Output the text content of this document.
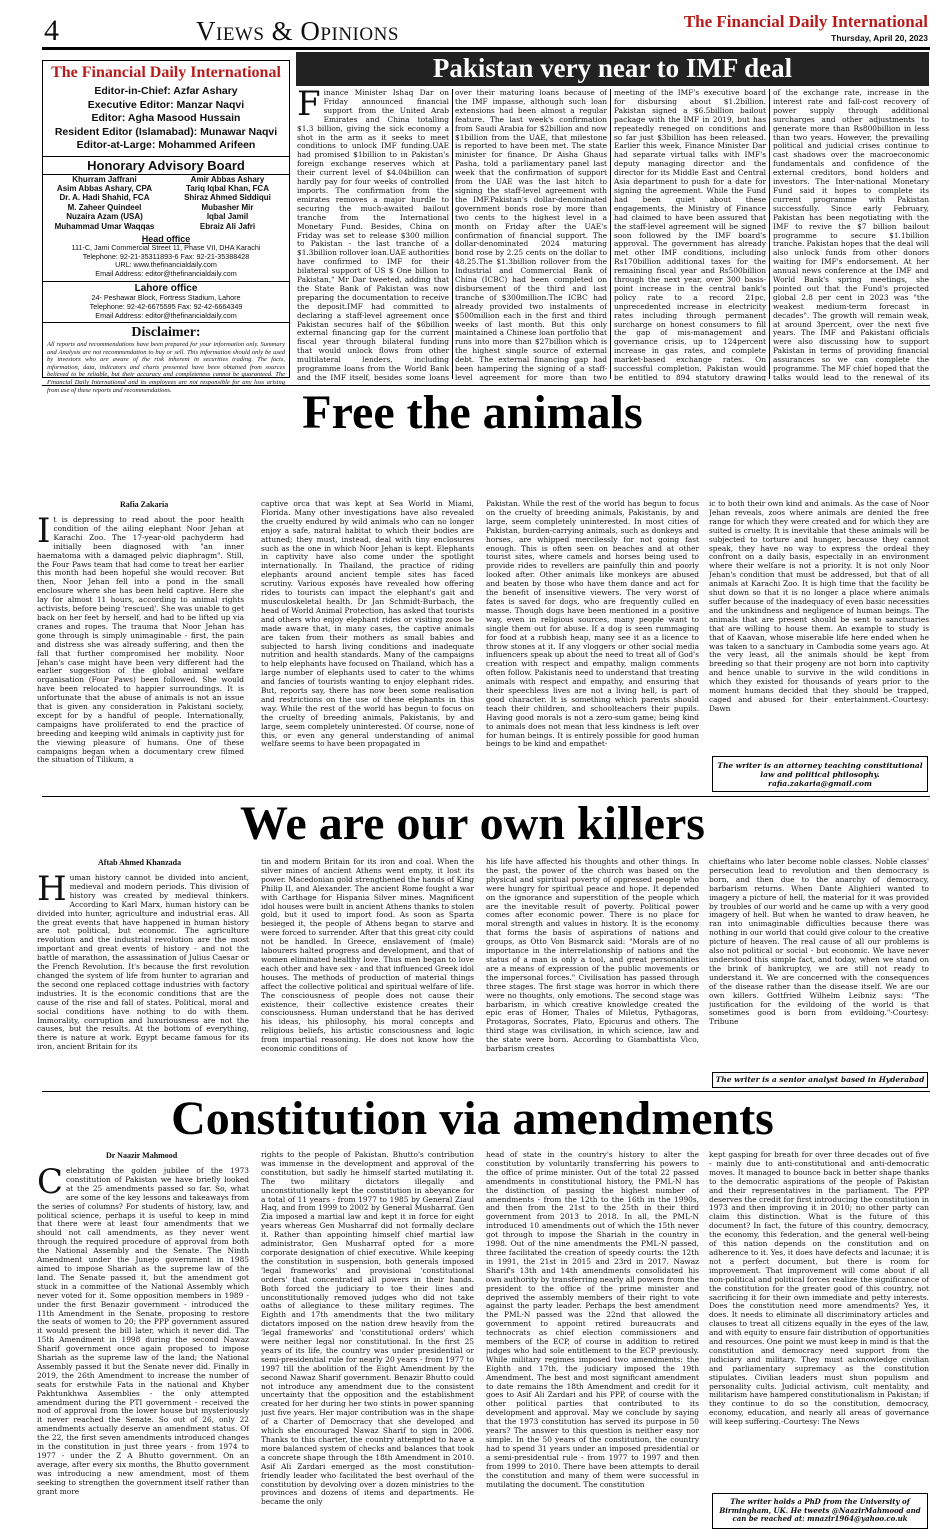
4	Views & Opinions	The Financial Daily International
Thursday, April 20, 2023
The Financial Daily International
Editor-in-Chief: Azfar Ashary
Executive Editor: Manzar Naqvi
Editor: Agha Masood Hussain
Resident Editor (Islamabad): Munawar Naqvi
Editor-at-Large: Mohammed Arifeen
Honorary Advisory Board
Khurram Jaffrani
Asim Abbas Ashary, CPA
Dr. A. Hadi Shahid, FCA
M. Zaheer Quindeel
Nuzaira Azam (USA)
Muhammad Umar Waqqas
Amir Abbas Ashary
Tariq Iqbal Khan, FCA
Shiraz Ahmed Siddiqui
Mubasher Mir
Iqbal Jamil
Ebraiz Ali Jafri
Head office
111-C, Jami Commercial Street 11, Phase VII, DHA Karachi
Telephone: 92-21-35311893-6 Fax: 92-21-35388428
URL: www.thefinancialdaily.com
Email Address: editor@thefinancialdaily.com
Lahore office
24- Peshawar Block, Fortress Stadium, Lahore
Telephone: 92-42-6675595 Fax: 92-42-6664349
Email Address: editor@thefinancialdaily.com
Disclaimer:
All reports and recommendations have been prepared for your information only. Summary and Analysis are not recommendation to buy or sell. This information should only be used by investors who are aware of the risk inherent in securities trading. The facts, information, data, indicators and charts presented have been obtained from sources believed to be reliable, but their accuracy and completeness cannot be guaranteed. The Financial Daily International and its employees are not responsible for any loss arising from use of these reports and recommendations.
Pakistan very near to IMF deal

Finance Minister Ishaq Dar on Friday announced financial support from the United Arab Emirates and China totalling $1.3 billion, giving the sick economy a shot in the arm as it seeks to meet conditions to unlock IMF funding.UAE had promised $1billion to in Pakistan's foreign exchange reserves which at their current level of $4.04billion can hardly pay for four weeks of controlled imports. The confirmation from the emirates removes a major hurdle to securing the much-awaited bailout tranche from the International Monetary Fund. Besides, China on Friday was set to release $300 million to Pakistan - the last tranche of a $1.3billion rollover loan.UAE authorities have confirmed to IMF for their bilateral support of US $ One billion to Pakistan," Mr Dar tweeted, adding that the State Bank of Pakistan was now preparing the documentation to receive the deposit.IMF had committed to declaring a staff-level agreement once Pakistan secures half of the $6billion external financing gap for the current fiscal year through bilateral funding that would unlock flows from other multilateral lenders, including programme loans from the World Bank and the IMF itself, besides some loans

over their maturing loans because of the IMF impasse, although such loan extensions had been almost a regular feature. The last week's confirmation from Saudi Arabia for $2billion and now $1billion from the UAE, that milestone is reported to have been met. The state minister for finance, Dr Aisha Ghaus Pasha, told a parliamentary panel last week that the confirmation of support from the UAE was the last hitch to signing the staff-level agreement with the IMF.Pakistan's dollar-denominated government bonds rose by more than two cents to the highest level in a month on Friday after the UAE's confirmation of financial support. The dollar-denominated 2024 maturing bond rose by 2.25 cents on the dollar to 48.25.The $1.3billion rollover from the Industrial and Commercial Bank of China (ICBC) had been completed on disbursement of the third and last tranche of $300million.The ICBC had already provided two instalments of $500million each in the first and third weeks of last month. But this only maintained a Chinese loan portfolio that runs into more than $27billion which is the highest single source of external debt. The external financing gap had been hampering the signing of a staff-level agreement for more than two

meeting of the IMF's executive board for disbursing about $1.2billion. Pakistan signed a $6.5billion bailout package with the IMF in 2019, but has repeatedly reneged on conditions and so far just $3billion has been released. Earlier this week, Finance Minister Dar had separate virtual talks with IMF's deputy managing director and the director for its Middle East and Central Asia department to push for a date for signing the agreement. While the Fund had been quiet about these engagements, the Ministry of Finance had claimed to have been assured that the staff-level agreement will be signed soon followed by the IMF board's approval. The government has already met other IMF conditions, including Rs170billion additional taxes for the remaining fiscal year and Rs500billion through the next year, over 300 basis-point increase in the central bank's policy rate to a record 21pc, unprecedented increase in electricity rates including through permanent surcharge on honest consumers to fill the gap of mis-management and governance crisis, up to 124percent increase in gas rates, and complete market-based exchange rates. On successful completion, Pakistan would be entitled to 894 statutory drawing

of the exchange rate, increase in the interest rate and fall-cost recovery of power supply through additional surcharges and other adjustments to generate more than Rs800billion in less than two years. However, the prevailing political and judicial crises continue to cast shadows over the macroeconomic fundamentals and confidence of the external creditors, bond holders and investors. The Inter-national Monetary Fund said it hopes to complete its current programme with Pakistan successfully. Since early February, Pakistan has been negotiating with the IMF to revive the $7 billion bailout programme to secure $1.1billion tranche. Pakistan hopes that the deal will also unlock funds from other donors waiting for IMF's endorsement. At her annual news conference at the IMF and World Bank's spring meetings, she pointed out that the Fund's projected global 2.8 per cent in 2023 was "the weakest medium-term forecast in decades". The growth will remain weak, at around 3percent, over the next five years. The IMF and Pakistani officials were also discussing how to support Pakistan in terms of providing financial assurances so we can complete the programme. The MF chief hoped that the talks would lead to the renewal of its

Free the animals
Rafia Zakaria

It is depressing to read about the poor health condition of the ailing elephant Noor Jehan at Karachi Zoo. The 17-year-old pachyderm had initially been diagnosed with "an inner haematoma with a damaged pelvic diaphragm". Still, the Four Paws team that had come to treat her earlier this month had been hopeful she would recover. But then, Noor Jehan fell into a pond in the small enclosure where she has been held captive. Here she lay for almost 11 hours, according to animal rights activists, before being 'rescued'. She was unable to get back on her feet by herself, and had to be lifted up via cranes and ropes. The trauma that Noor Jehan has gone through is simply unimaginable - first, the pain and distress she was already suffering, and then the fall that further compromised her mobility. Noor Jehan's case might have been very different had the earlier suggestion of the global animal welfare organisation (Four Paws) been followed. She would have been relocated to happier surroundings. It is unfortunate that the abuse of animals is not an issue that is given any consideration in Pakistani society, except for by a handful of people. Internationally, campaigns have proliferated to end the practice of breeding and keeping wild animals in captivity just for the viewing pleasure of humans. One of these campaigns began when a documentary crew filmed the situation of Tilikum, a

captive orca that was kept at Sea World in Miami, Florida. Many other investigations have also revealed the cruelty endured by wild animals who can no longer enjoy a safe, natural habitat to which their bodies are attuned; they must, instead, deal with tiny enclosures such as the one in which Noor Jehan is kept. Elephants in captivity have also come under the spotlight internationally. In Thailand, the practice of riding elephants around ancient temple sites has faced scrutiny. Various exposés have revealed how offering rides to tourists can impact the elephant's gait and musculoskeletal health. Dr Jan Schmidt-Burbach, the head of World Animal Protection, has asked that tourists and others who enjoy elephant rides or visiting zoos be made aware that, in many cases, the captive animals are taken from their mothers as small babies and subjected to harsh living conditions and inadequate nutrition and health standards. Many of the campaigns to help elephants have focused on Thailand, which has a large number of elephants used to cater to the whims and fancies of tourists wanting to enjoy elephant rides. But, reports say, there has now been some realisation and restrictions on the use of these elephants in this way. While the rest of the world has begun to focus on the cruelty of breeding animals, Pakistanis, by and large, seem completely uninterested. Of course, none of this, or even any general understanding of animal welfare seems to have been propagated in

Pakistan. While the rest of the world has begun to focus on the cruelty of breeding animals, Pakistanis, by and large, seem completely uninterested. In most cities of Pakistan, burden-carrying animals, such as donkeys and horses, are whipped mercilessly for not going fast enough. This is often seen on beaches and at other tourist sites, where camels and horses being used to provide rides to revellers are painfully thin and poorly looked after. Other animals like monkeys are abused and beaten by those who have them dance and act for the benefit of insensitive viewers. The very worst of fates is saved for dogs, who are frequently culled en masse. Though dogs have been mentioned in a positive way, even in religious sources, many people want to single them out for abuse. If a dog is seen rummaging for food at a rubbish heap, many see it as a licence to throw stones at it. If any vloggers or other social media influencers speak up about the need to treat all of God's creation with respect and empathy, malign comments often follow. Pakistanis need to understand that treating animals with respect and empathy, and ensuring that their speechless lives are not a living hell, is part of good character. It is something which parents should teach their children, and schoolteachers their pupils. Having good morals is not a zero-sum game; being kind to animals does not mean that less kindness is left over for human beings. It is entirely possible for good human beings to be kind and empathet-

ic to both their own kind and animals. As the case of Noor Jehan reveals, zoos where animals are denied the free range for which they were created and for which they are suited is cruelty. It is inevitable that these animals will be subjected to torture and hunger, because they cannot speak, they have no way to express the ordeal they confront on a daily basis, especially in an environment where their welfare is not a priority. It is not only Noor Jehan's condition that must be addressed, but that of all animals at Karachi Zoo. It is high time that the facility be shut down so that it is no longer a place where animals suffer because of the inadequacy of even basic necessities and the unkindness and negligence of human beings. The animals that are present should be sent to sanctuaries that are willing to house them. An example to study is that of Kaavan, whose miserable life here ended when he was taken to a sanctuary in Cambodia some years ago. At the very least, all the animals should be kept from breeding so that their progeny are not born into captivity and hence unable to survive in the wild conditions in which they existed for thousands of years prior to the moment humans decided that they should be trapped, caged and abused for their entertainment.-Courtesy: Dawn

The writer is an attorney teaching constitutional law and political philosophy. rafia.zakaria@gmail.com
We are our own killers
Aftab Ahmed Khanzada

Human history cannot be divided into ancient, medieval and modern periods. This division of history was created by medieval thinkers. According to Karl Marx, human history can be divided into hunter, agriculture and industrial eras. All the great events that have happened in human history are not political, but economic. The agriculture revolution and the industrial revolution are the most important and great events of history - and not the battle of marathon, the assassination of Julius Caesar or the French Revolution. It's because the first revolution changed the system of life from hunter to agrarian and the second one replaced cottage industries with factory industries. It is the economic conditions that are the cause of the rise and fall of states. Political, moral and social conditions have nothing to do with them. Immorality, corruption and luxuriousness are not the causes, but the results. At the bottom of everything, there is nature at work. Egypt became famous for its iron, ancient Britain for its

tin and modern Britain for its iron and coal. When the silver mines of ancient Athens went empty, it lost its power. Macedonian gold strengthened the hands of King Philip II, and Alexander. The ancient Rome fought a war with Carthage for Hispania Silver mines. Magnificent idol houses were built in ancient Athens thanks to stolen gold, but it used to import food. As soon as Sparta besieged it, the people of Athens began to starve and were forced to surrender. After that this great city could not be handled. In Greece, enslavement of (male) labourers halted progress and development, and that of women eliminated healthy love. Thus men began to love each other and have sex - and that influenced Greek idol houses. The methods of production of material things affect the collective political and spiritual welfare of life. The consciousness of people does not cause their existence, their collective existence creates their consciousness. Human understand that he has derived his ideas, his philosophy, his moral concepts and religious beliefs, his artistic consciousness and logic from impartial reasoning. He does not know how the economic conditions of

his life have affected his thoughts and other things. In the past, the power of the church was based on the physical and spiritual poverty of oppressed people who were hungry for spiritual peace and hope. It depended on the ignorance and superstition of the people which are the inevitable result of poverty. Political power comes after economic power. There is no place for moral strength and values in history. It is the economy that forms the basis of aspirations of nations and groups, as Otto Von Bismarck said: "Morals are of no importance in the interrelationship of nations and the status of a man is only a tool, and great personalities are a means of expression of the public movements or the impersonal forces." Civilisation has passed through three stages. The first stage was horror in which there were no thoughts, only emotions. The second stage was barbarism, in which creative knowledge created the epic eras of Homer, Thales of Miletus, Pythagoras, Protagoras, Socrates, Plato, Epicurus and others. The third stage was civilisation, in which science, law and the state were born. According to Giambattista Vico, barbarism creates

chieftains who later become noble classes. Noble classes' persecution lead to revolution and then democracy is born, and then due to the anarchy of democracy, barbarism returns. When Dante Alighieri wanted to imagery a picture of hell, the material for it was provided by troubles of our world and he came up with a very good imagery of hell. But when he wanted to draw heaven, he ran into unimaginable difficulties because there was nothing in our world that could give colour to the creative picture of heaven. The real cause of all our problems is also not political or social - but economic. We have never understood this simple fact, and today, when we stand on the brink of bankruptcy, we are still not ready to understand it. We are concerned with the consequences of the disease rather than the disease itself. We are our own killers. Gottfried Wilhelm Leibniz says: "The justification for the evildoing of the world is that sometimes good is born from evildoing."-Courtesy: Tribune

The writer is a senior analyst based in Hyderabad
Constitution via amendments
Dr Naazir Mahmood

Celebrating the golden jubilee of the 1973 constitution of Pakistan we have briefly looked at the 25 amendments passed so far. So, what are some of the key lessons and takeaways from the series of columns? For students of history, law, and political science, perhaps it is useful to keep in mind that there were at least four amendments that we should not call amendments, as they never went through the required procedure of approval from both the National Assembly and the Senate. The Ninth Amendment under the Junejo government in 1985 aimed to impose Shariah as the supreme law of the land. The Senate passed it, but the amendment got stuck in a committee of the National Assembly which never voted for it. Some opposition members in 1989 - under the first Benazir government - introduced the 11th Amendment in the Senate, proposing to restore the seats of women to 20; the PPP government assured it would present the bill later, which it never did. The 15th Amendment in 1998 during the second Nawaz Sharif government once again proposed to impose Shariah as the supreme law of the land; the National Assembly passed it but the Senate never did. Finally in 2019, the 26th Amendment to increase the number of seats for erstwhile Fata in the national and Khyber Pakhtunkhwa Assemblies - the only attempted amendment during the PTI government - received the nod of approval from the lower house but mysteriously it never reached the Senate. So out of 26, only 22 amendments actually deserve an amendment status. Of the 22, the first seven amendments introduced changes in the constitution in just three years - from 1974 to 1977 - under the Z A Bhutto government. On an average, after every six months, the Bhutto government was introducing a new amendment, most of them seeking to strengthen the government itself rather than grant more

rights to the people of Pakistan. Bhutto's contribution was immense in the development and approval of the constitution, but sadly he himself started mutilating it. The two military dictators illegally and unconstitutionally kept the constitution in abeyance for a total of 11 years - from 1977 to 1985 by General Ziaul Haq, and from 1999 to 2002 by General Musharraf. Gen Zia imposed a martial law and kept it in force for eight years whereas Gen Musharraf did not formally declare it. Rather than appointing himself chief martial law administrator, Gen Musharraf opted for a more corporate designation of chief executive. While keeping the constitution in suspension, both generals imposed 'legal frameworks' and provisional 'constitutional orders' that concentrated all powers in their hands. Both forced the judiciary to toe their lines and unconstitutionally removed judges who did not take oaths of allegiance to these military regimes. The Eighth and 17th amendments that the two military dictators imposed on the nation drew heavily from the 'legal frameworks' and 'constitutional orders' which were neither legal nor constitutional. In the first 25 years of its life, the country was under presidential or semi-presidential rule for nearly 20 years - from 1977 to 1997 till the abolition of the Eight Amendment by the second Nawaz Sharif government. Benazir Bhutto could not introduce any amendment due to the consistent uncertainty that the opposition and the establishment created for her during her two stints in power spanning just five years. Her major contribution was in the shape of a Charter of Democracy that she developed and which she encouraged Nawaz Sharif to sign in 2006. Thanks to this charter, the country attempted to have a more balanced system of checks and balances that took a concrete shape through the 18th Amendment in 2010. Asif Ali Zardari emerged as the most constitution-friendly leader who facilitated the best overhaul of the constitution by devolving over a dozen ministries to the provinces and dozens of items and departments. He became the only

head of state in the country's history to alter the constitution by voluntarily transferring his powers to the office of prime minister. Out of the total 22 passed amendments in constitutional history, the PML-N has the distinction of passing the highest number of amendments - from the 12th to the 16th in the 1990s, and then from the 21st to the 25th in their third government from 2013 to 2018. In all, the PML-N introduced 10 amendments out of which the 15th never got through to impose the Shariah in the country in 1998. Out of the nine amendments the PML-N passed, three facilitated the creation of speedy courts: the 12th in 1991, the 21st in 2015 and 23rd in 2017. Nawaz Sharif's 13th and 14th amendments consolidated his own authority by transferring nearly all powers from the president to the office of the prime minister and deprived the assembly members of their right to vote against the party leader. Perhaps the best amendment the PML-N passed was the 22nd that allowed the government to appoint retired bureaucrats and technocrats as chief election commissioners and members of the ECP, of course in addition to retired judges who had sole entitlement to the ECP previously. While military regimes imposed two amendments: the Eighth and 17th, the judiciary imposed the 19th Amendment. The best and most significant amendment to date remains the 18th Amendment and credit for it goes to Asif Ali Zardari and his PPP, of course with the other political parties that contributed to its development and approval. May we conclude by saying that the 1973 constitution has served its purpose in 50 years? The answer to this question is neither easy nor simple. In the 50 years of the constitution, the country had to spend 31 years under an imposed presidential or a semi-presidential rule - from 1977 to 1997 and then from 1999 to 2010. There have been attempts to derail the constitution and many of them were successful in mutilating the document. The constitution

kept gasping for breath for over three decades out of five - mainly due to anti-constitutional and anti-democratic moves. It managed to bounce back in better shape thanks to the democratic aspirations of the people of Pakistan and their representatives in the parliament. The PPP deserves the credit for first introducing the constitution in 1973 and then improving it in 2010; no other party can claim this distinction. What is the future of this document? In fact, the future of this country, democracy, the economy, this federation, and the general well-being of this nation depends on the constitution and on adherence to it. Yes, it does have defects and lacunae; it is not a perfect document, but there is room for improvement. That improvement will come about if all non-political and political forces realize the significance of the constitution for the greater good of this country, not sacrificing it for their own immediate and petty interests. Does the constitution need more amendments? Yes, it does. It needs to eliminate all discriminatory articles and clauses to treat all citizens equally in the eyes of the law, and with equity to ensure fair distribution of opportunities and resources. One point we must keep in mind is that the constitution and democracy need support from the judiciary and military. They must acknowledge civilian and parliamentary supremacy as the constitution stipulates. Civilian leaders must shun populism and personality cults. Judicial activism, cult mentality, and militarism have hampered constitutionalism in Pakistan; if they continue to do so the constitution, democracy, economy, education, and nearly all areas of governance will keep suffering.-Courtesy: The News

The writer holds a PhD from the University of Birmingham, UK. He tweets @NaazirMahmood and can be reached at: mnazir1964@yahoo.co.uk
